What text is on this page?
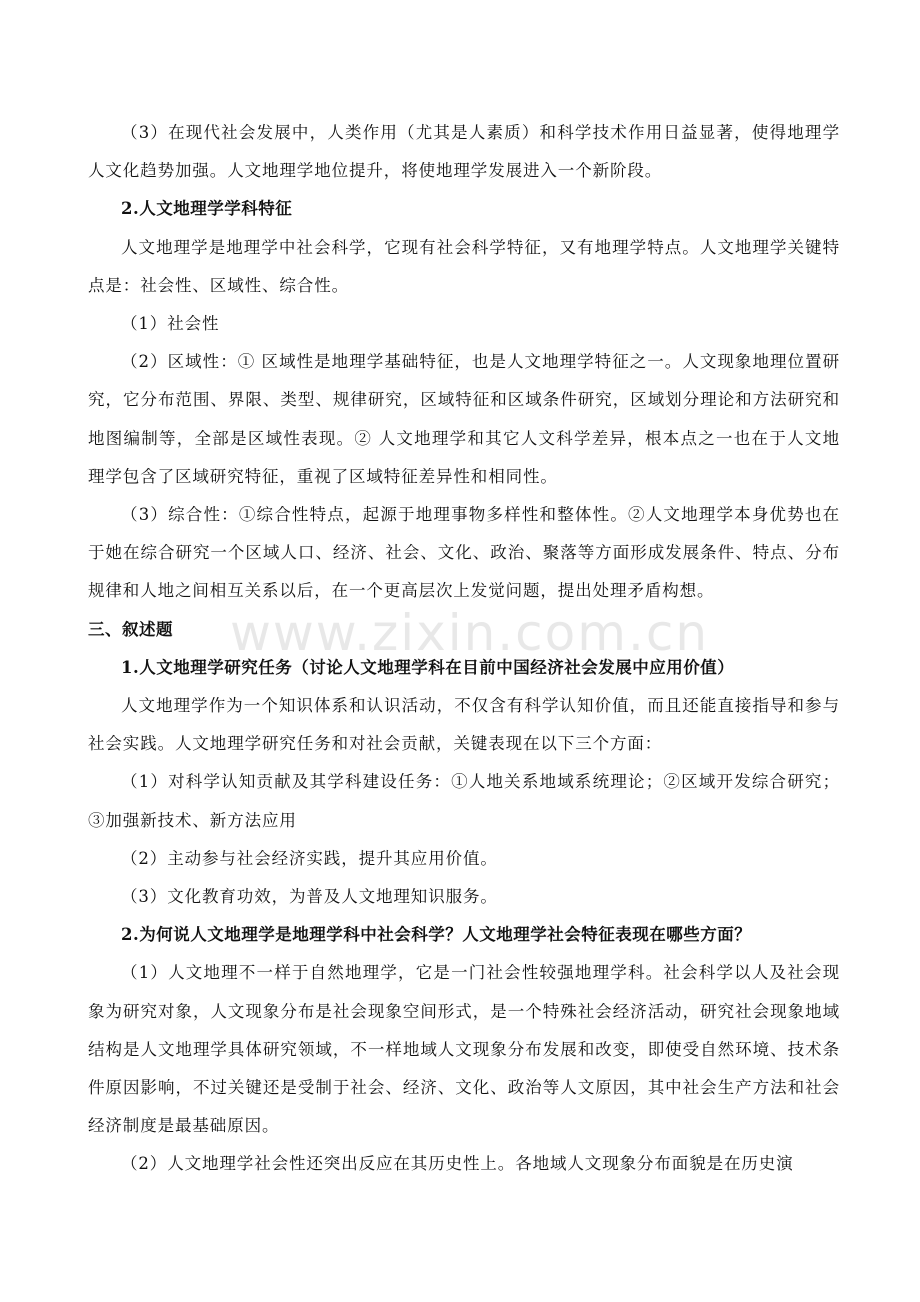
（3）在现代社会发展中，人类作用（尤其是人素质）和科学技术作用日益显著，使得地理学人文化趋势加强。人文地理学地位提升，将使地理学发展进入一个新阶段。

2.人文地理学学科特征

人文地理学是地理学中社会科学，它现有社会科学特征，又有地理学特点。人文地理学关键特点是：社会性、区域性、综合性。

（1）社会性

（2）区域性：① 区域性是地理学基础特征，也是人文地理学特征之一。人文现象地理位置研究，它分布范围、界限、类型、规律研究，区域特征和区域条件研究，区域划分理论和方法研究和地图编制等，全部是区域性表现。② 人文地理学和其它人文科学差异，根本点之一也在于人文地理学包含了区域研究特征，重视了区域特征差异性和相同性。

（3）综合性：①综合性特点，起源于地理事物多样性和整体性。②人文地理学本身优势也在于她在综合研究一个区域人口、经济、社会、文化、政治、聚落等方面形成发展条件、特点、分布规律和人地之间相互关系以后，在一个更高层次上发觉问题，提出处理矛盾构想。

三、叙述题

1.人文地理学研究任务（讨论人文地理学科在目前中国经济社会发展中应用价值）

人文地理学作为一个知识体系和认识活动，不仅含有科学认知价值，而且还能直接指导和参与社会实践。人文地理学研究任务和对社会贡献，关键表现在以下三个方面：

（1）对科学认知贡献及其学科建设任务：①人地关系地域系统理论；②区域开发综合研究；③加强新技术、新方法应用

（2）主动参与社会经济实践，提升其应用价值。

（3）文化教育功效，为普及人文地理知识服务。

2.为何说人文地理学是地理学科中社会科学？人文地理学社会特征表现在哪些方面？

（1）人文地理不一样于自然地理学，它是一门社会性较强地理学科。社会科学以人及社会现象为研究对象，人文现象分布是社会现象空间形式，是一个特殊社会经济活动，研究社会现象地域结构是人文地理学具体研究领域，不一样地域人文现象分布发展和改变，即使受自然环境、技术条件原因影响，不过关键还是受制于社会、经济、文化、政治等人文原因，其中社会生产方法和社会经济制度是最基础原因。

（2）人文地理学社会性还突出反应在其历史性上。各地域人文现象分布面貌是在历史演

www.zixin.com.cn
